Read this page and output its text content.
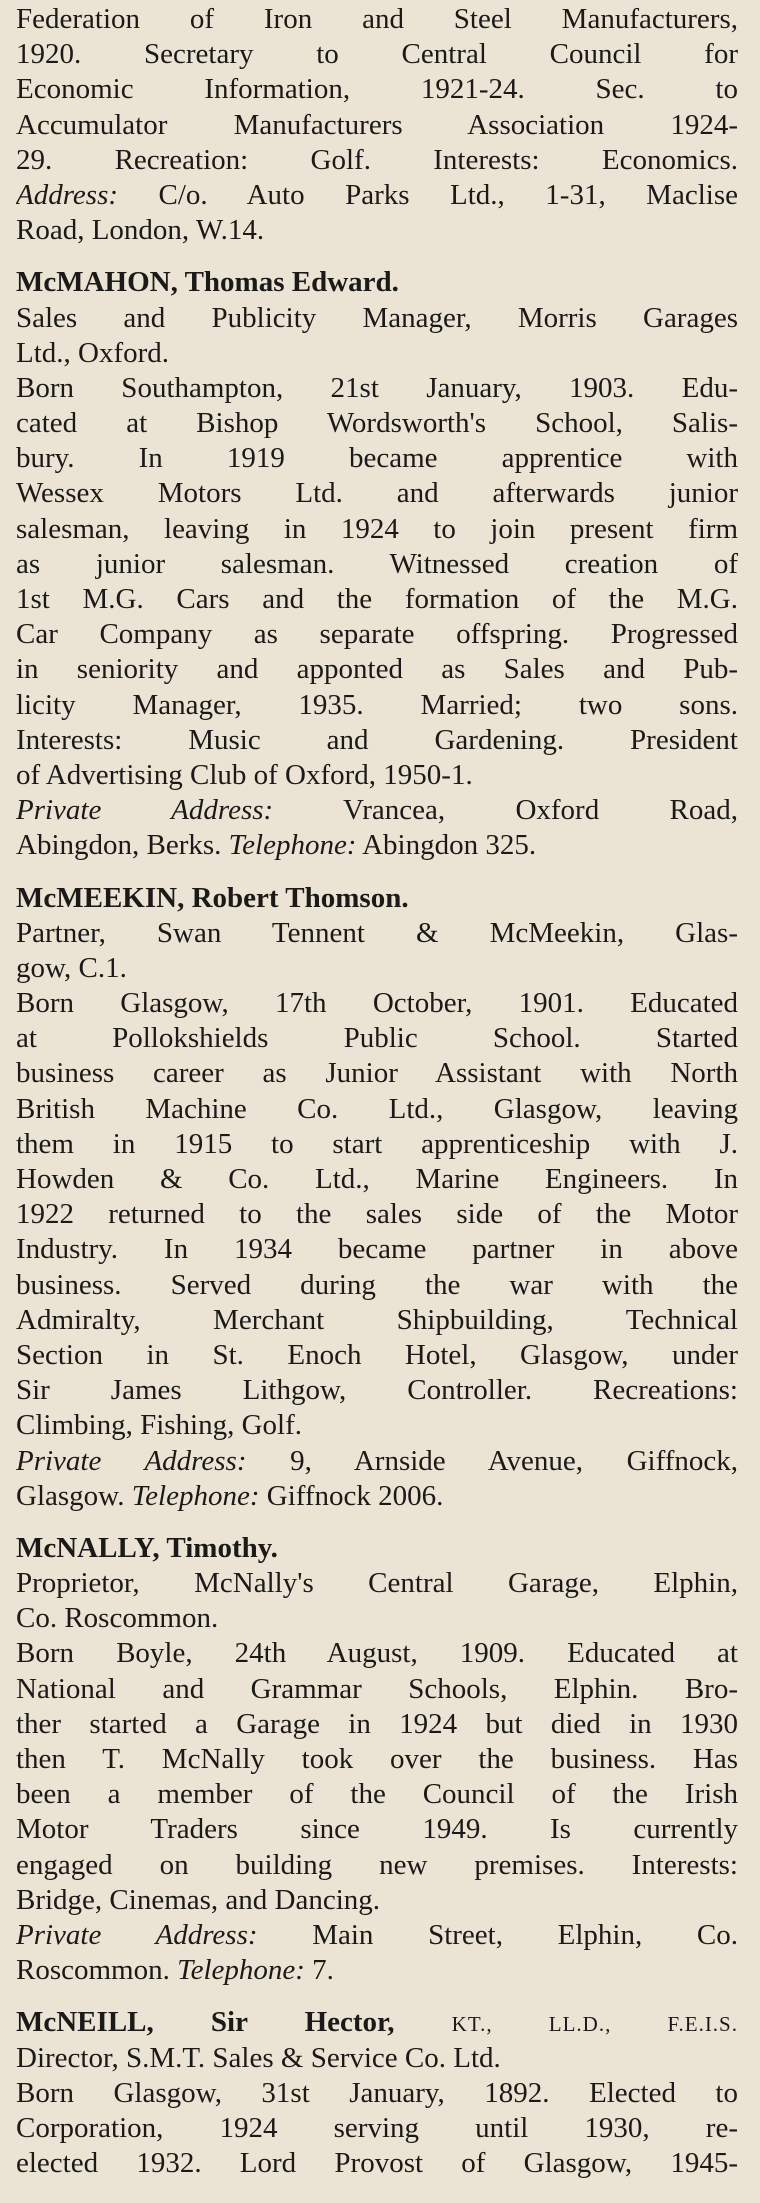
Federation of Iron and Steel Manufacturers,
1920. Secretary to Central Council for
Economic Information, 1921-24. Sec. to
Accumulator Manufacturers Association 1924-
29. Recreation: Golf. Interests: Economics.
Address: C/o. Auto Parks Ltd., 1-31, Maclise
Road, London, W.14.
McMAHON, Thomas Edward.
Sales and Publicity Manager, Morris Garages
Ltd., Oxford.
Born Southampton, 21st January, 1903. Edu-
cated at Bishop Wordsworth's School, Salis-
bury. In 1919 became apprentice with
Wessex Motors Ltd. and afterwards junior
salesman, leaving in 1924 to join present firm
as junior salesman. Witnessed creation of
1st M.G. Cars and the formation of the M.G.
Car Company as separate offspring. Progressed
in seniority and apponted as Sales and Pub-
licity Manager, 1935. Married; two sons.
Interests: Music and Gardening. President
of Advertising Club of Oxford, 1950-1.
Private Address: Vrancea, Oxford Road,
Abingdon, Berks. Telephone: Abingdon 325.
McMEEKIN, Robert Thomson.
Partner, Swan Tennent & McMeekin, Glas-
gow, C.1.
Born Glasgow, 17th October, 1901. Educated
at Pollokshields Public School. Started
business career as Junior Assistant with North
British Machine Co. Ltd., Glasgow, leaving
them in 1915 to start apprenticeship with J.
Howden & Co. Ltd., Marine Engineers. In
1922 returned to the sales side of the Motor
Industry. In 1934 became partner in above
business. Served during the war with the
Admiralty, Merchant Shipbuilding, Technical
Section in St. Enoch Hotel, Glasgow, under
Sir James Lithgow, Controller. Recreations:
Climbing, Fishing, Golf.
Private Address: 9, Arnside Avenue, Giffnock,
Glasgow. Telephone: Giffnock 2006.
McNALLY, Timothy.
Proprietor, McNally's Central Garage, Elphin,
Co. Roscommon.
Born Boyle, 24th August, 1909. Educated at
National and Grammar Schools, Elphin. Bro-
ther started a Garage in 1924 but died in 1930
then T. McNally took over the business. Has
been a member of the Council of the Irish
Motor Traders since 1949. Is currently
engaged on building new premises. Interests:
Bridge, Cinemas, and Dancing.
Private Address: Main Street, Elphin, Co.
Roscommon. Telephone: 7.
McNEILL, Sir Hector,	KT., LL.D., F.E.I.S.
Director, S.M.T. Sales & Service Co. Ltd.
Born Glasgow, 31st January, 1892. Elected to
Corporation, 1924 serving until 1930, re-
elected 1932. Lord Provost of Glasgow, 1945-
